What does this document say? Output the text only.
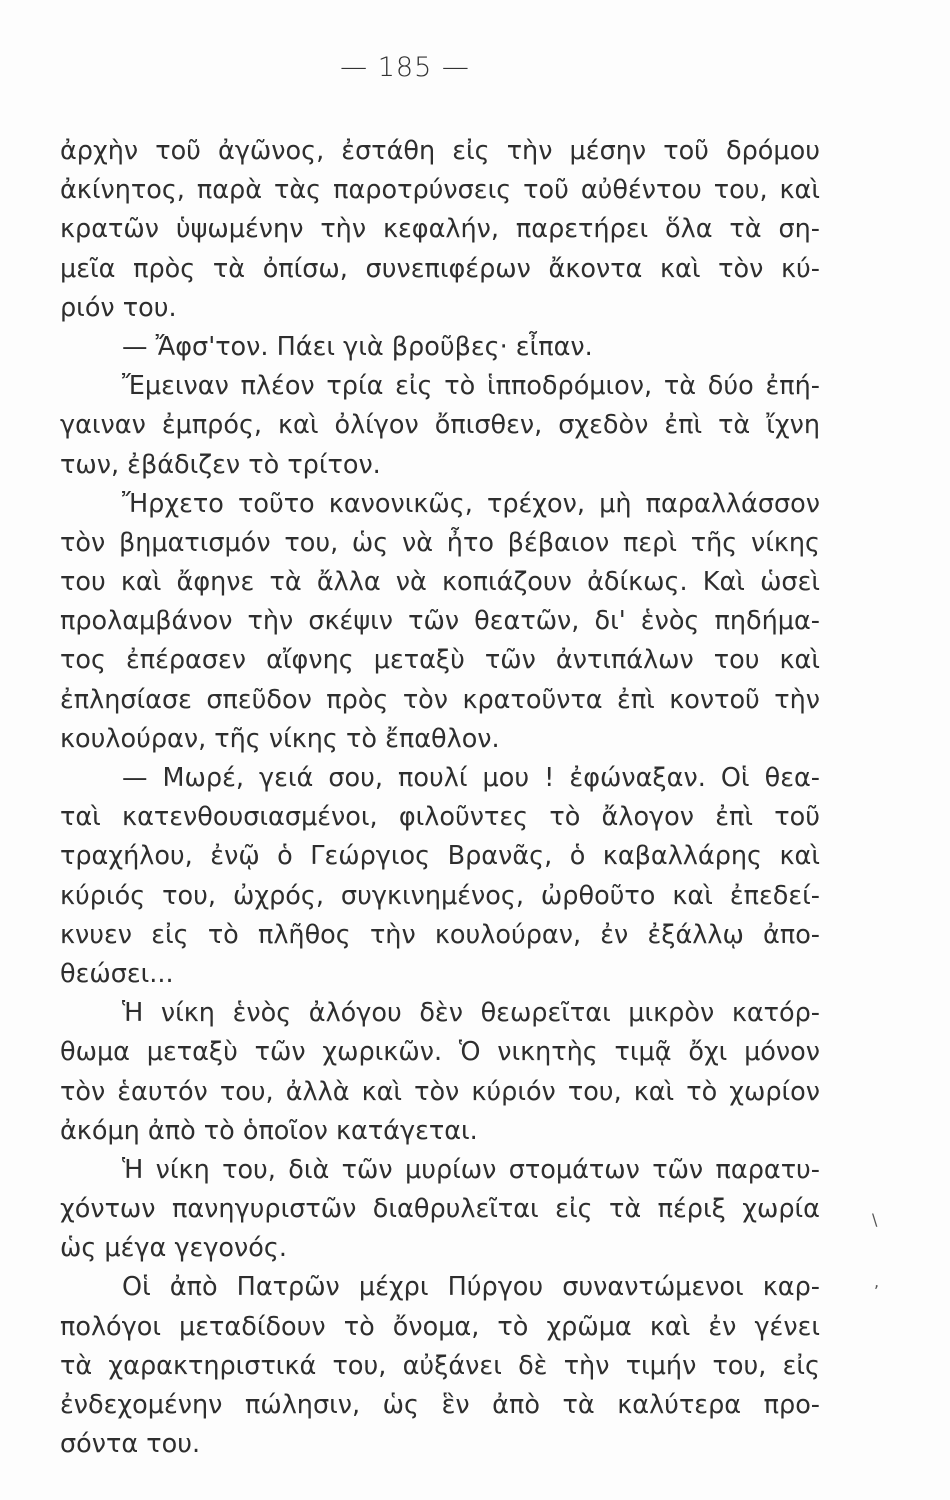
— 185 —
ἀρχὴν τοῦ ἀγῶνος, ἐστάθη εἰς τὴν μέσην τοῦ δρόμου
ἀκίνητος, παρὰ τὰς παροτρύνσεις τοῦ αὐθέντου του, καὶ
κρατῶν ὑψωμένην τὴν κεφαλήν, παρετήρει ὅλα τὰ ση-
μεῖα πρὸς τὰ ὀπίσω, συνεπιφέρων ἄκοντα καὶ τὸν κύ-
ριόν του.
— Ἄφσ'τον. Πάει γιὰ βροῦβες· εἶπαν.
Ἔμειναν πλέον τρία εἰς τὸ ἱπποδρόμιον, τὰ δύο ἐπή-
γαιναν ἐμπρός, καὶ ὀλίγον ὄπισθεν, σχεδὸν ἐπὶ τὰ ἴχνη
των, ἐβάδιζεν τὸ τρίτον.
Ἤρχετο τοῦτο κανονικῶς, τρέχον, μὴ παραλλάσσον
τὸν βηματισμόν του, ὡς νὰ ἦτο βέβαιον περὶ τῆς νίκης
του καὶ ἄφηνε τὰ ἄλλα νὰ κοπιάζουν ἀδίκως. Καὶ ὡσεὶ
προλαμβάνον τὴν σκέψιν τῶν θεατῶν, δι' ἑνὸς πηδήμα-
τος ἐπέρασεν αἴφνης μεταξὺ τῶν ἀντιπάλων του καὶ
ἐπλησίασε σπεῦδον πρὸς τὸν κρατοῦντα ἐπὶ κοντοῦ τὴν
κουλούραν, τῆς νίκης τὸ ἔπαθλον.
— Μωρέ, γειά σου, πουλί μου ! ἐφώναξαν. Οἱ θεα-
ταὶ κατενθουσιασμένοι, φιλοῦντες τὸ ἄλογον ἐπὶ τοῦ
τραχήλου, ἐνῷ ὁ Γεώργιος Βρανᾶς, ὁ καβαλλάρης καὶ
κύριός του, ὠχρός, συγκινημένος, ὠρθοῦτο καὶ ἐπεδεί-
κνυεν εἰς τὸ πλῆθος τὴν κουλούραν, ἐν ἐξάλλῳ ἀπο-
θεώσει...
Ἡ νίκη ἑνὸς ἀλόγου δὲν θεωρεῖται μικρὸν κατόρ-
θωμα μεταξὺ τῶν χωρικῶν. Ὁ νικητὴς τιμᾷ ὄχι μόνον
τὸν ἑαυτόν του, ἀλλὰ καὶ τὸν κύριόν του, καὶ τὸ χωρίον
ἀκόμη ἀπὸ τὸ ὁποῖον κατάγεται.
Ἡ νίκη του, διὰ τῶν μυρίων στομάτων τῶν παρατυ-
χόντων πανηγυριστῶν διαθρυλεῖται εἰς τὰ πέριξ χωρία
ὡς μέγα γεγονός.
Οἱ ἀπὸ Πατρῶν μέχρι Πύργου συναντώμενοι καρ-
πολόγοι μεταδίδουν τὸ ὄνομα, τὸ χρῶμα καὶ ἐν γένει
τὰ χαρακτηριστικά του, αὐξάνει δὲ τὴν τιμήν του, εἰς
ἐνδεχομένην πώλησιν, ὡς ἓν ἀπὸ τὰ καλύτερα προ-
σόντα του.
\
,
